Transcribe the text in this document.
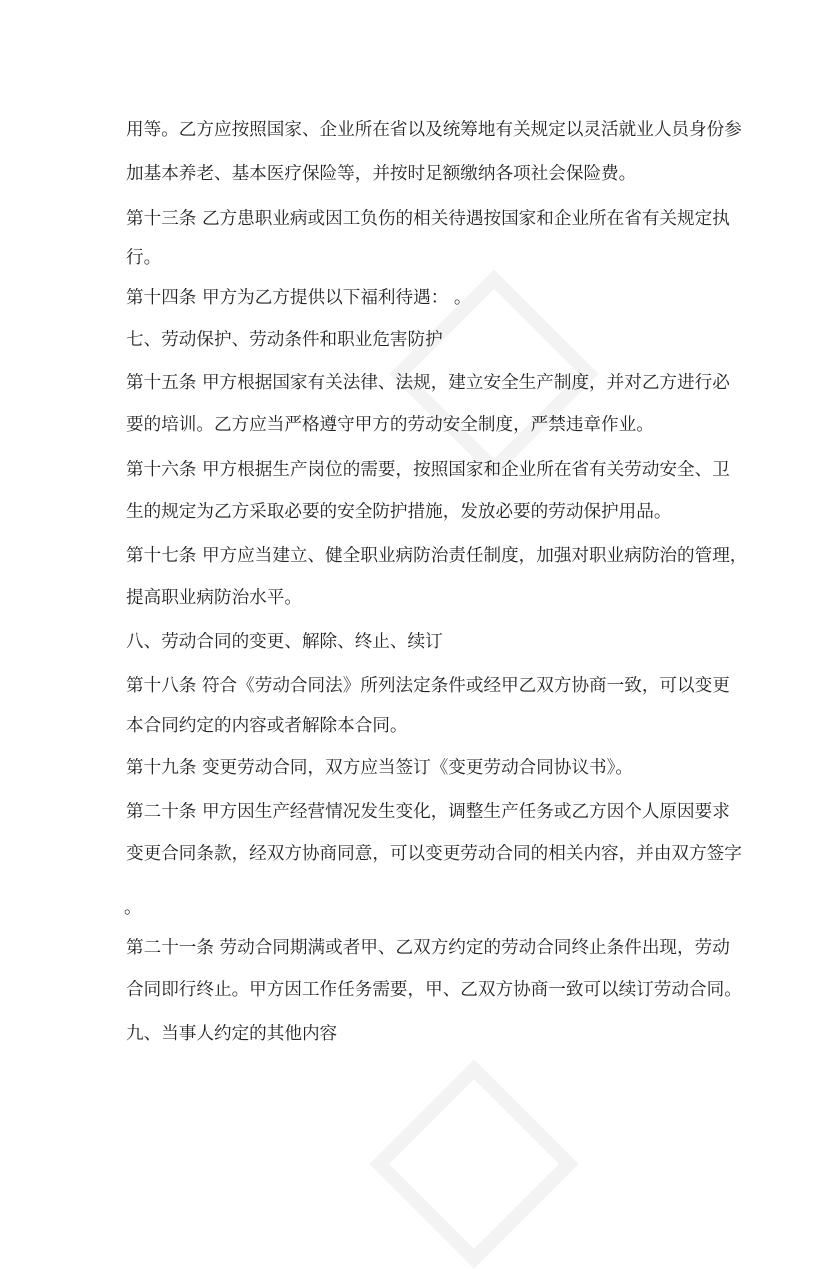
用等。乙方应按照国家、企业所在省以及统筹地有关规定以灵活就业人员身份参
加基本养老、基本医疗保险等，并按时足额缴纳各项社会保险费。
第十三条 乙方患职业病或因工负伤的相关待遇按国家和企业所在省有关规定执
行。
第十四条 甲方为乙方提供以下福利待遇： 。
七、劳动保护、劳动条件和职业危害防护
第十五条 甲方根据国家有关法律、法规，建立安全生产制度，并对乙方进行必
要的培训。乙方应当严格遵守甲方的劳动安全制度，严禁违章作业。
第十六条 甲方根据生产岗位的需要，按照国家和企业所在省有关劳动安全、卫
生的规定为乙方采取必要的安全防护措施，发放必要的劳动保护用品。
第十七条 甲方应当建立、健全职业病防治责任制度，加强对职业病防治的管理，
提高职业病防治水平。
八、劳动合同的变更、解除、终止、续订
第十八条 符合《劳动合同法》所列法定条件或经甲乙双方协商一致，可以变更
本合同约定的内容或者解除本合同。
第十九条 变更劳动合同，双方应当签订《变更劳动合同协议书》。
第二十条 甲方因生产经营情况发生变化，调整生产任务或乙方因个人原因要求
变更合同条款，经双方协商同意，可以变更劳动合同的相关内容，并由双方签字
。
第二十一条 劳动合同期满或者甲、乙双方约定的劳动合同终止条件出现，劳动
合同即行终止。甲方因工作任务需要，甲、乙双方协商一致可以续订劳动合同。
九、当事人约定的其他内容
